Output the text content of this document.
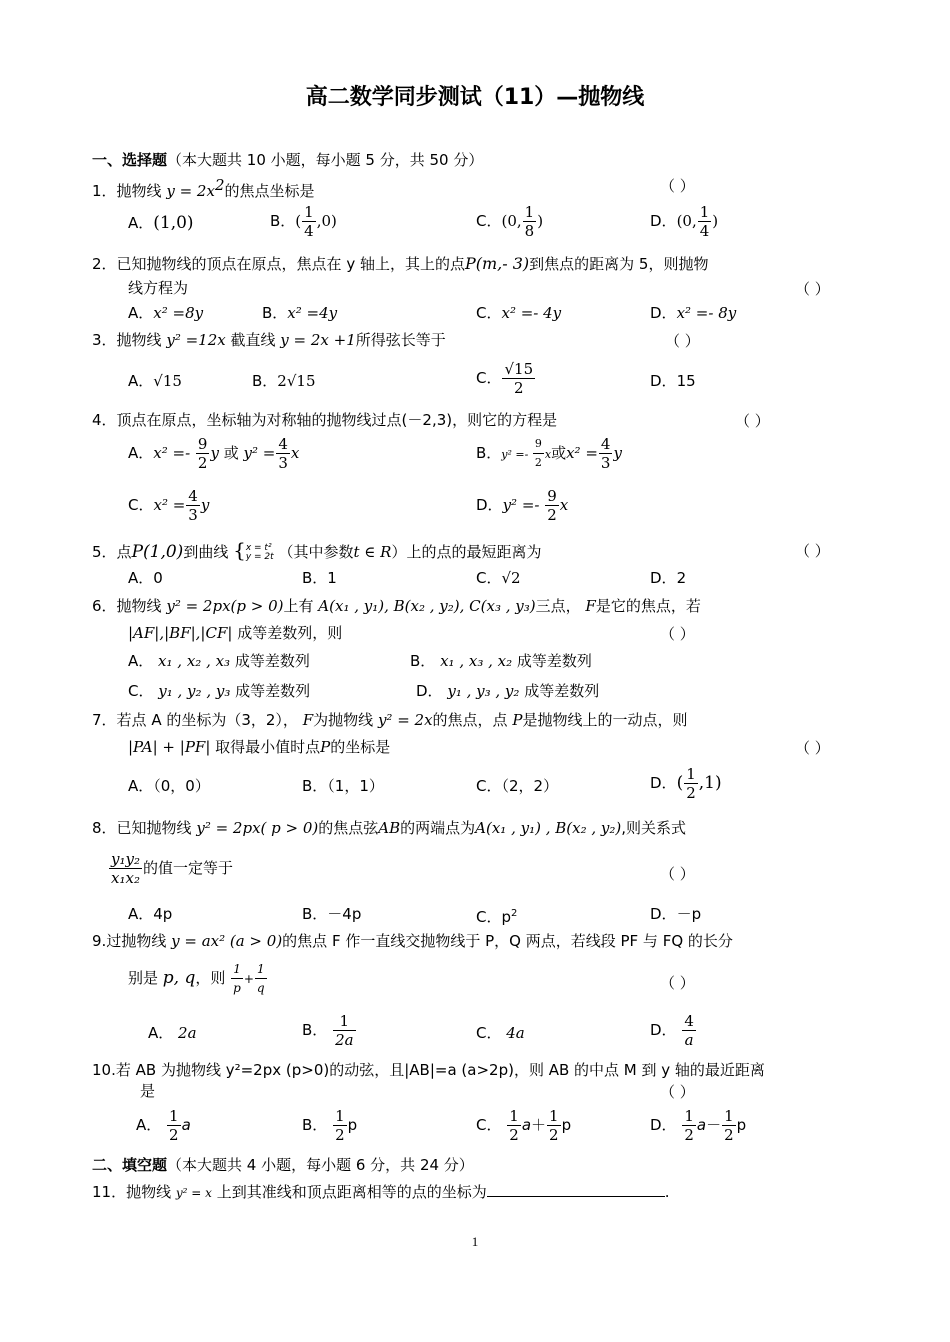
高二数学同步测试（11）—抛物线
一、选择题（本大题共 10 小题，每小题 5 分，共 50 分）
1．抛物线 $y = 2x^2$的焦点坐标是	（ ）
A．(1,0)	B．( $\frac{1}{4} ,0$)	C．(0, $\frac{1}{8}$ )	D．(0, $\frac{1}{4}$ )
2．已知抛物线的顶点在原点，焦点在 y 轴上，其上的点P(m,- 3)到焦点的距离为 5，则抛物
线方程为	（ ）
A．x² =8y	B．x² =4y	C．x² =- 4y	D．x² =- 8y
3．抛物线 y² =12x 截直线 y = 2x +1所得弦长等于	（ ）
A．√15	B．2√15	C． $\frac{√15}{2}$	D．15
4．顶点在原点，坐标轴为对称轴的抛物线过点(－2,3)，则它的方程是	（ ）
A．$x^2 =- \frac{9}{2}$ y 或 $y^2 = \frac{4}{3}$ x	B．$y^2 =- \frac{9}{2}$ x或$x^2 = \frac{4}{3}$ y
C．$x^2 = \frac{4}{3}$ y	D．$y^2 =- \frac{9}{2}$ x
5．点P(1,0)到曲线 {x = t²
y = 2t （其中参数t ∈ R）上的点的最短距离为	（ ）
A．0	B．1	C．√2	D．2
6．抛物线 y² = 2px(p > 0)上有 A(x₁ , y₁), B(x₂ , y₂), C(x₃ , y₃)三点， F是它的焦点，若
|AF|,|BF|,|CF| 成等差数列，则	（ ）
A． x₁ , x₂ , x₃ 成等差数列	B． x₁ , x₃ , x₂ 成等差数列
C． y₁ , y₂ , y₃ 成等差数列	D． y₁ , y₃ , y₂ 成等差数列
7．若点 A 的坐标为（3，2）， F为抛物线 y² = 2x的焦点，点 P是抛物线上的一动点，则
|PA| + |PF| 取得最小值时点P的坐标是	（ ）
A．（0，0）	B．（1，1）	C．（2，2）	D．( $\frac{1}{2} ,1$)
8．已知抛物线 y² = 2px( p > 0)的焦点弦AB的两端点为A(x₁ , y₁) , B(x₂ , y₂),则关系式
$\frac{\text{y₁y₂}}{\text{x₁x₂}}$ 的值一定等于	（ ）
A．4p	B．－4p	C．$p^2$	D．－p
9.过抛物线 y = ax² (a > 0)的焦点 F 作一直线交抛物线于 P，Q 两点，若线段 PF 与 FQ 的长分
别是 p, q，则 $\frac{1}{p} + \frac{1}{q}$	（ ）
A． 2a	B． $\frac{1}{2a}$	C． 4a	D． $\frac{4}{a}$
10.若 AB 为抛物线 y²=2px (p>0)的动弦，且|AB|=a (a>2p)，则 AB 的中点 M 到 y 轴的最近距离
是	（ ）
A． $\frac{1}{2}$ a	B． $\frac{1}{2}$ p	C． $\frac{1}{2} a+ \frac{1}{2}$ p	D． $\frac{1}{2} a- \frac{1}{2}$ p
二、填空题（本大题共 4 小题，每小题 6 分，共 24 分）
11．抛物线 y² = x 上到其准线和顶点距离相等的点的坐标为	.
1
